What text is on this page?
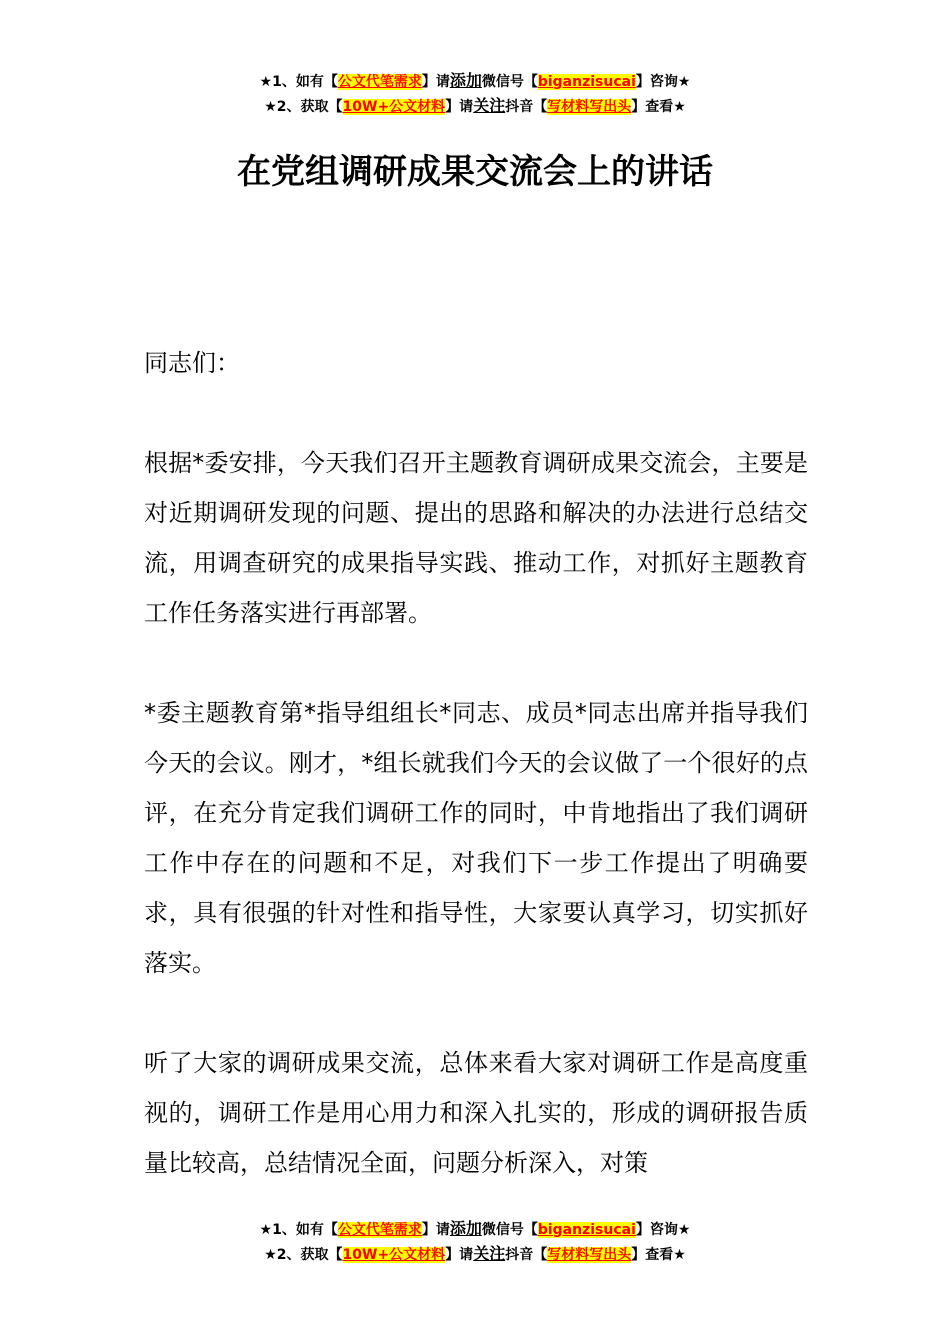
★1、如有【公文代笔需求】请添加微信号【biganzisucai】咨询★
★2、获取【10W+公文材料】请关注抖音【写材料写出头】查看★
在党组调研成果交流会上的讲话

同志们：

根据*委安排，今天我们召开主题教育调研成果交流会，主要是对近期调研发现的问题、提出的思路和解决的办法进行总结交流，用调查研究的成果指导实践、推动工作，对抓好主题教育工作任务落实进行再部署。

*委主题教育第*指导组组长*同志、成员*同志出席并指导我们今天的会议。刚才，*组长就我们今天的会议做了一个很好的点评，在充分肯定我们调研工作的同时，中肯地指出了我们调研工作中存在的问题和不足，对我们下一步工作提出了明确要求，具有很强的针对性和指导性，大家要认真学习，切实抓好落实。

听了大家的调研成果交流，总体来看大家对调研工作是高度重视的，调研工作是用心用力和深入扎实的，形成的调研报告质量比较高，总结情况全面，问题分析深入，对策

★1、如有【公文代笔需求】请添加微信号【biganzisucai】咨询★
★2、获取【10W+公文材料】请关注抖音【写材料写出头】查看★
